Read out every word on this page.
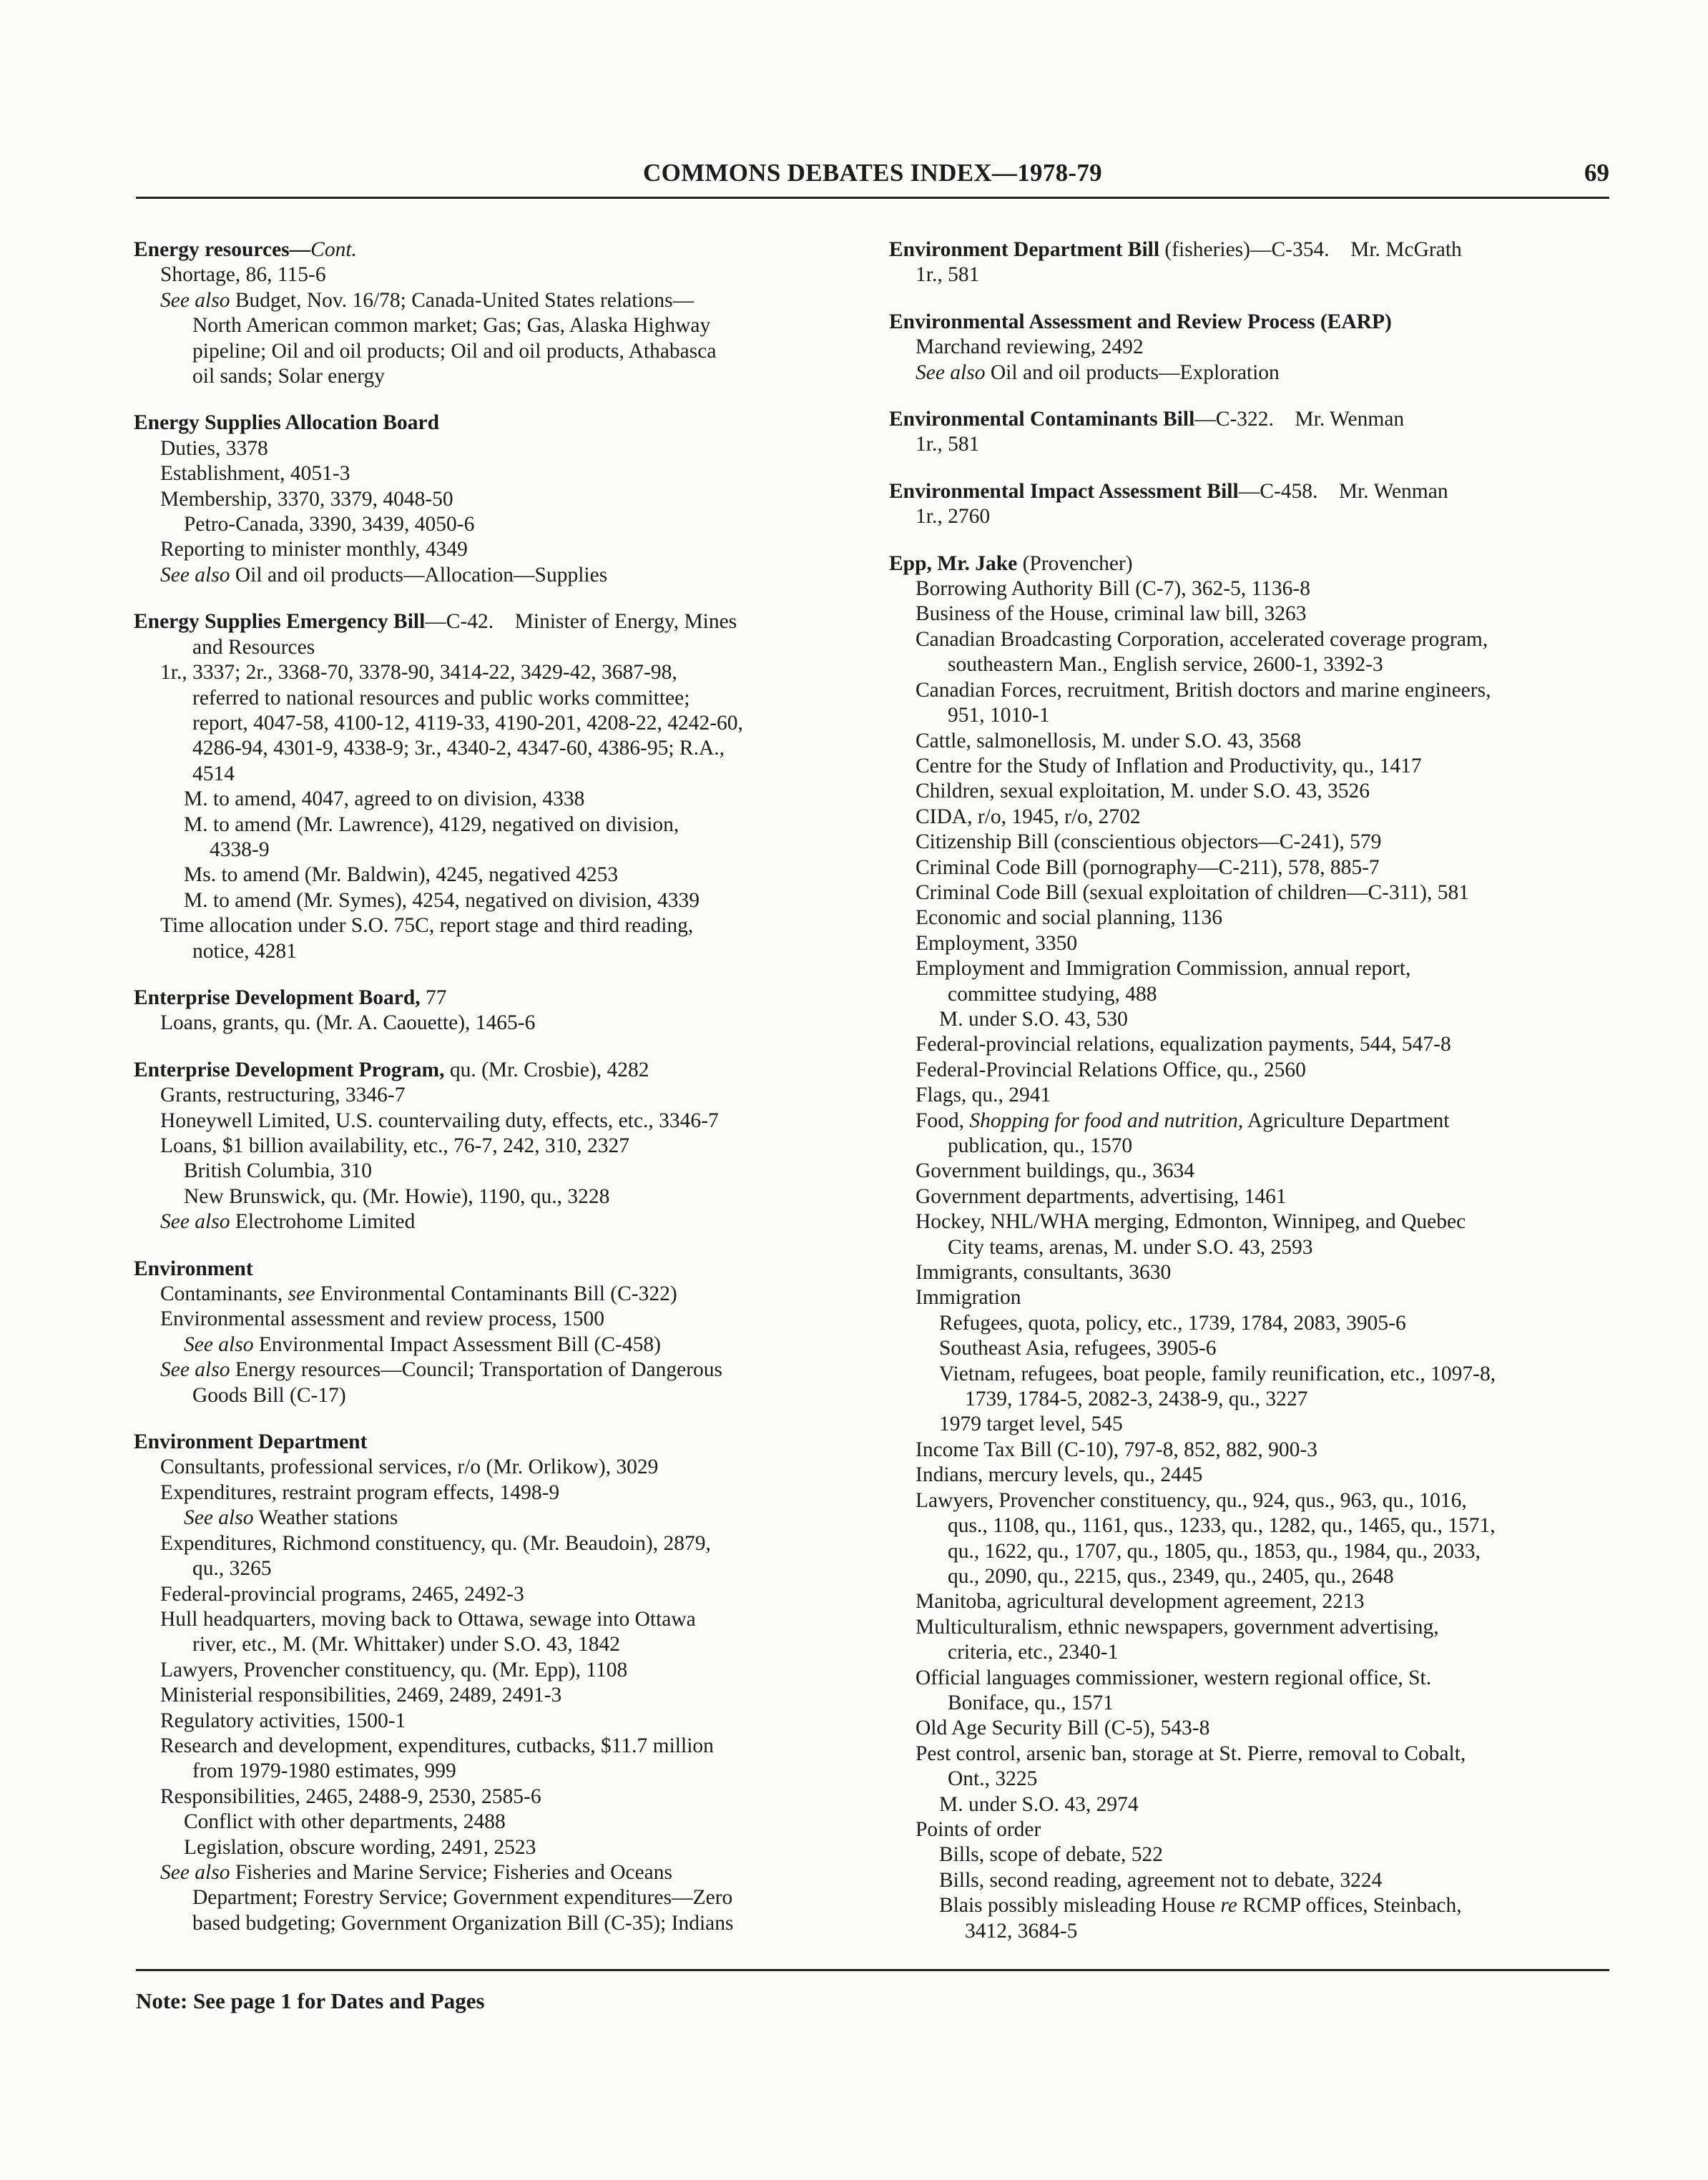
COMMONS DEBATES INDEX—1978-79	69
Energy resources—Cont.
Shortage, 86, 115-6
See also Budget, Nov. 16/78; Canada-United States relations—
North American common market; Gas; Gas, Alaska Highway
pipeline; Oil and oil products; Oil and oil products, Athabasca
oil sands; Solar energy
Energy Supplies Allocation Board
Duties, 3378
Establishment, 4051-3
Membership, 3370, 3379, 4048-50
Petro-Canada, 3390, 3439, 4050-6
Reporting to minister monthly, 4349
See also Oil and oil products—Allocation—Supplies
Energy Supplies Emergency Bill—C-42. Minister of Energy, Mines
and Resources
1r., 3337; 2r., 3368-70, 3378-90, 3414-22, 3429-42, 3687-98,
referred to national resources and public works committee;
report, 4047-58, 4100-12, 4119-33, 4190-201, 4208-22, 4242-60,
4286-94, 4301-9, 4338-9; 3r., 4340-2, 4347-60, 4386-95; R.A.,
4514
M. to amend, 4047, agreed to on division, 4338
M. to amend (Mr. Lawrence), 4129, negatived on division,
4338-9
Ms. to amend (Mr. Baldwin), 4245, negatived 4253
M. to amend (Mr. Symes), 4254, negatived on division, 4339
Time allocation under S.O. 75C, report stage and third reading,
notice, 4281
Enterprise Development Board, 77
Loans, grants, qu. (Mr. A. Caouette), 1465-6
Enterprise Development Program, qu. (Mr. Crosbie), 4282
Grants, restructuring, 3346-7
Honeywell Limited, U.S. countervailing duty, effects, etc., 3346-7
Loans, $1 billion availability, etc., 76-7, 242, 310, 2327
British Columbia, 310
New Brunswick, qu. (Mr. Howie), 1190, qu., 3228
See also Electrohome Limited
Environment
Contaminants, see Environmental Contaminants Bill (C-322)
Environmental assessment and review process, 1500
See also Environmental Impact Assessment Bill (C-458)
See also Energy resources—Council; Transportation of Dangerous
Goods Bill (C-17)
Environment Department
Consultants, professional services, r/o (Mr. Orlikow), 3029
Expenditures, restraint program effects, 1498-9
See also Weather stations
Expenditures, Richmond constituency, qu. (Mr. Beaudoin), 2879,
qu., 3265
Federal-provincial programs, 2465, 2492-3
Hull headquarters, moving back to Ottawa, sewage into Ottawa
river, etc., M. (Mr. Whittaker) under S.O. 43, 1842
Lawyers, Provencher constituency, qu. (Mr. Epp), 1108
Ministerial responsibilities, 2469, 2489, 2491-3
Regulatory activities, 1500-1
Research and development, expenditures, cutbacks, $11.7 million
from 1979-1980 estimates, 999
Responsibilities, 2465, 2488-9, 2530, 2585-6
Conflict with other departments, 2488
Legislation, obscure wording, 2491, 2523
See also Fisheries and Marine Service; Fisheries and Oceans
Department; Forestry Service; Government expenditures—Zero
based budgeting; Government Organization Bill (C-35); Indians
Environment Department Bill (fisheries)—C-354. Mr. McGrath
1r., 581
Environmental Assessment and Review Process (EARP)
Marchand reviewing, 2492
See also Oil and oil products—Exploration
Environmental Contaminants Bill—C-322. Mr. Wenman
1r., 581
Environmental Impact Assessment Bill—C-458. Mr. Wenman
1r., 2760
Epp, Mr. Jake (Provencher)
Borrowing Authority Bill (C-7), 362-5, 1136-8
Business of the House, criminal law bill, 3263
Canadian Broadcasting Corporation, accelerated coverage program,
southeastern Man., English service, 2600-1, 3392-3
Canadian Forces, recruitment, British doctors and marine engineers,
951, 1010-1
Cattle, salmonellosis, M. under S.O. 43, 3568
Centre for the Study of Inflation and Productivity, qu., 1417
Children, sexual exploitation, M. under S.O. 43, 3526
CIDA, r/o, 1945, r/o, 2702
Citizenship Bill (conscientious objectors—C-241), 579
Criminal Code Bill (pornography—C-211), 578, 885-7
Criminal Code Bill (sexual exploitation of children—C-311), 581
Economic and social planning, 1136
Employment, 3350
Employment and Immigration Commission, annual report,
committee studying, 488
M. under S.O. 43, 530
Federal-provincial relations, equalization payments, 544, 547-8
Federal-Provincial Relations Office, qu., 2560
Flags, qu., 2941
Food, Shopping for food and nutrition, Agriculture Department
publication, qu., 1570
Government buildings, qu., 3634
Government departments, advertising, 1461
Hockey, NHL/WHA merging, Edmonton, Winnipeg, and Quebec
City teams, arenas, M. under S.O. 43, 2593
Immigrants, consultants, 3630
Immigration
Refugees, quota, policy, etc., 1739, 1784, 2083, 3905-6
Southeast Asia, refugees, 3905-6
Vietnam, refugees, boat people, family reunification, etc., 1097-8,
1739, 1784-5, 2082-3, 2438-9, qu., 3227
1979 target level, 545
Income Tax Bill (C-10), 797-8, 852, 882, 900-3
Indians, mercury levels, qu., 2445
Lawyers, Provencher constituency, qu., 924, qus., 963, qu., 1016,
qus., 1108, qu., 1161, qus., 1233, qu., 1282, qu., 1465, qu., 1571,
qu., 1622, qu., 1707, qu., 1805, qu., 1853, qu., 1984, qu., 2033,
qu., 2090, qu., 2215, qus., 2349, qu., 2405, qu., 2648
Manitoba, agricultural development agreement, 2213
Multiculturalism, ethnic newspapers, government advertising,
criteria, etc., 2340-1
Official languages commissioner, western regional office, St.
Boniface, qu., 1571
Old Age Security Bill (C-5), 543-8
Pest control, arsenic ban, storage at St. Pierre, removal to Cobalt,
Ont., 3225
M. under S.O. 43, 2974
Points of order
Bills, scope of debate, 522
Bills, second reading, agreement not to debate, 3224
Blais possibly misleading House re RCMP offices, Steinbach,
3412, 3684-5
Note: See page 1 for Dates and Pages
